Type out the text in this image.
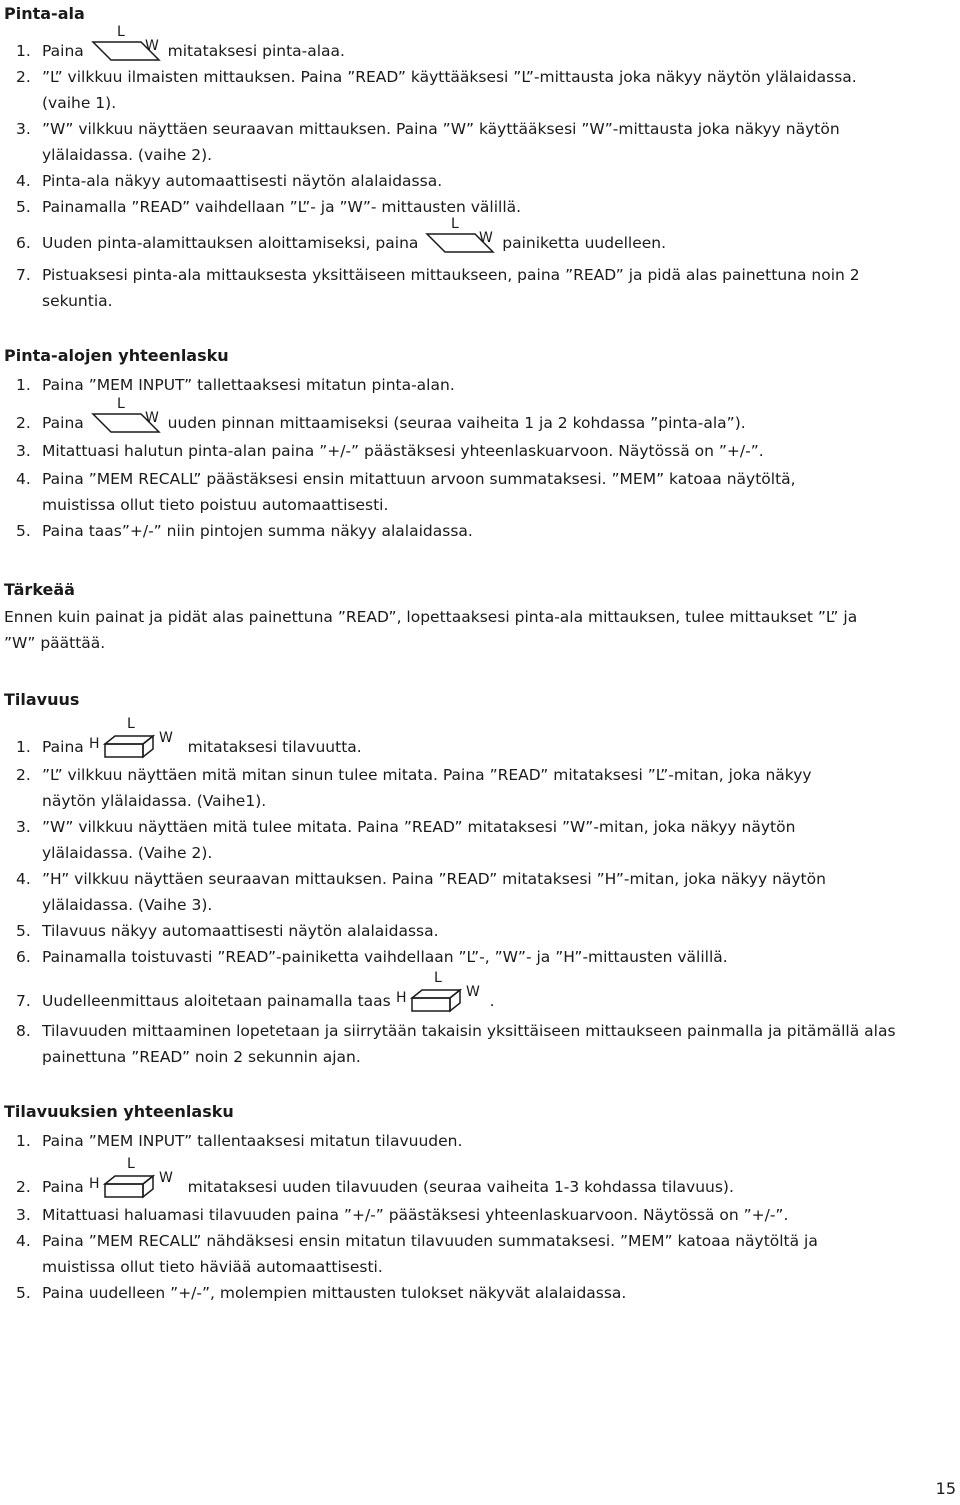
Pinta-ala
1. Paina
L
W mitataksesi pinta-alaa.
2. ”L” vilkkuu ilmaisten mittauksen. Paina ”READ” käyttääksesi ”L”-mittausta joka näkyy näytön ylälaidassa.
(vaihe 1).
3. ”W” vilkkuu näyttäen seuraavan mittauksen. Paina ”W” käyttääksesi ”W”-mittausta joka näkyy näytön
ylälaidassa. (vaihe 2).
4. Pinta-ala näkyy automaattisesti näytön alalaidassa.
5. Painamalla ”READ” vaihdellaan ”L”- ja ”W”- mittausten välillä.
6. Uuden pinta-alamittauksen aloittamiseksi, paina
L
W painiketta uudelleen.
7. Pistuaksesi pinta-ala mittauksesta yksittäiseen mittaukseen, paina ”READ” ja pidä alas painettuna noin 2
sekuntia.
Pinta-alojen yhteenlasku
1. Paina ”MEM INPUT” tallettaaksesi mitatun pinta-alan.
2. Paina
L
W uuden pinnan mittaamiseksi (seuraa vaiheita 1 ja 2 kohdassa ”pinta-ala”).
3. Mitattuasi halutun pinta-alan paina ”+/-” päästäksesi yhteenlaskuarvoon. Näytössä on ”+/-”.
4. Paina ”MEM RECALL” päästäksesi ensin mitattuun arvoon summataksesi. ”MEM” katoaa näytöltä,
muistissa ollut tieto poistuu automaattisesti.
5. Paina taas”+/-” niin pintojen summa näkyy alalaidassa.
Tärkeää
Ennen kuin painat ja pidät alas painettuna ”READ”, lopettaaksesi pinta-ala mittauksen, tulee mittaukset ”L” ja
”W” päättää.
Tilavuus
1. Paina H
L
W mitataksesi tilavuutta.
2. ”L” vilkkuu näyttäen mitä mitan sinun tulee mitata. Paina ”READ” mitataksesi ”L”-mitan, joka näkyy
näytön ylälaidassa. (Vaihe1).
3. ”W” vilkkuu näyttäen mitä tulee mitata. Paina ”READ” mitataksesi ”W”-mitan, joka näkyy näytön
ylälaidassa. (Vaihe 2).
4. ”H” vilkkuu näyttäen seuraavan mittauksen. Paina ”READ” mitataksesi ”H”-mitan, joka näkyy näytön
ylälaidassa. (Vaihe 3).
5. Tilavuus näkyy automaattisesti näytön alalaidassa.
6. Painamalla toistuvasti ”READ”-painiketta vaihdellaan ”L”-, ”W”- ja ”H”-mittausten välillä.
7. Uudelleenmittaus aloitetaan painamalla taas H
L
W .
8. Tilavuuden mittaaminen lopetetaan ja siirrytään takaisin yksittäiseen mittaukseen painmalla ja pitämällä alas
painettuna ”READ” noin 2 sekunnin ajan.
Tilavuuksien yhteenlasku
1. Paina ”MEM INPUT” tallentaaksesi mitatun tilavuuden.
2. Paina H
L
W mitataksesi uuden tilavuuden (seuraa vaiheita 1-3 kohdassa tilavuus).
3. Mitattuasi haluamasi tilavuuden paina ”+/-” päästäksesi yhteenlaskuarvoon. Näytössä on ”+/-”.
4. Paina ”MEM RECALL” nähdäksesi ensin mitatun tilavuuden summataksesi. ”MEM” katoaa näytöltä ja
muistissa ollut tieto häviää automaattisesti.
5. Paina uudelleen ”+/-”, molempien mittausten tulokset näkyvät alalaidassa.
15
